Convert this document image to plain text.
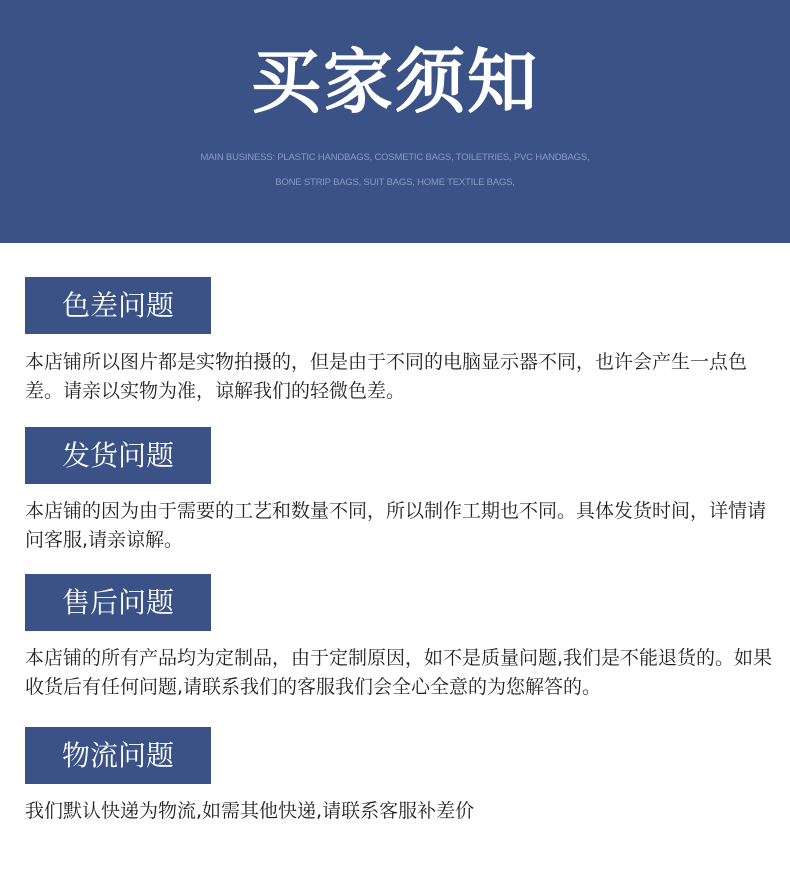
买家须知
MAIN BUSINESS: PLASTIC HANDBAGS, COSMETIC BAGS, TOILETRIES, PVC HANDBAGS,
BONE STRIP BAGS, SUIT BAGS, HOME TEXTILE BAGS,
色差问题
本店铺所以图片都是实物拍摄的，但是由于不同的电脑显示器不同，也许会产生一点色差。请亲以实物为准，谅解我们的轻微色差。
发货问题
本店铺的因为由于需要的工艺和数量不同，所以制作工期也不同。具体发货时间，详情请问客服,请亲谅解。
售后问题
本店铺的所有产品均为定制品，由于定制原因，如不是质量问题,我们是不能退货的。如果收货后有任何问题,请联系我们的客服我们会全心全意的为您解答的。
物流问题
我们默认快递为物流,如需其他快递,请联系客服补差价
